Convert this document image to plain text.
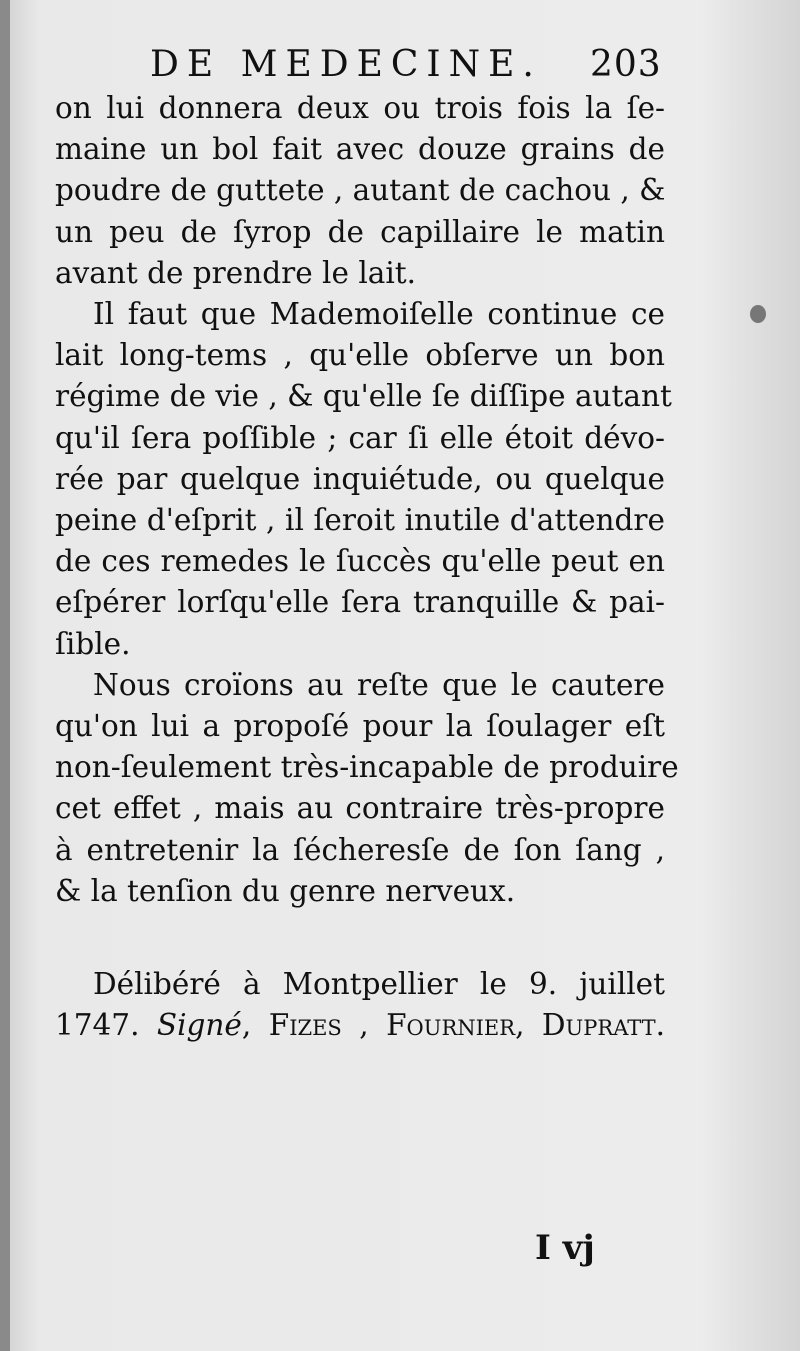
DE MEDECINE. 203

on lui donnera deux ou trois fois la ſe-
maine un bol fait avec douze grains de
poudre de guttete , autant de cachou , &
un peu de ſyrop de capillaire le matin
avant de prendre le lait.

Il faut que Mademoiſelle continue ce
lait long-tems , qu'elle obſerve un bon
régime de vie , & qu'elle ſe diſſipe autant
qu'il ſera poſſible ; car ſi elle étoit dévo-
rée par quelque inquiétude, ou quelque
peine d'eſprit , il ſeroit inutile d'attendre
de ces remedes le ſuccès qu'elle peut en
eſpérer lorſqu'elle ſera tranquille & pai-
ſible.

Nous croïons au reſte que le cautere
qu'on lui a propoſé pour la ſoulager eſt
non-ſeulement très-incapable de produire
cet effet , mais au contraire très-propre
à entretenir la ſécheresſe de ſon ſang ,
& la tenſion du genre nerveux.

Délibéré à Montpellier le 9. juillet
1747. Signé, Fizes , Fournier, Dupratt.

I vj
